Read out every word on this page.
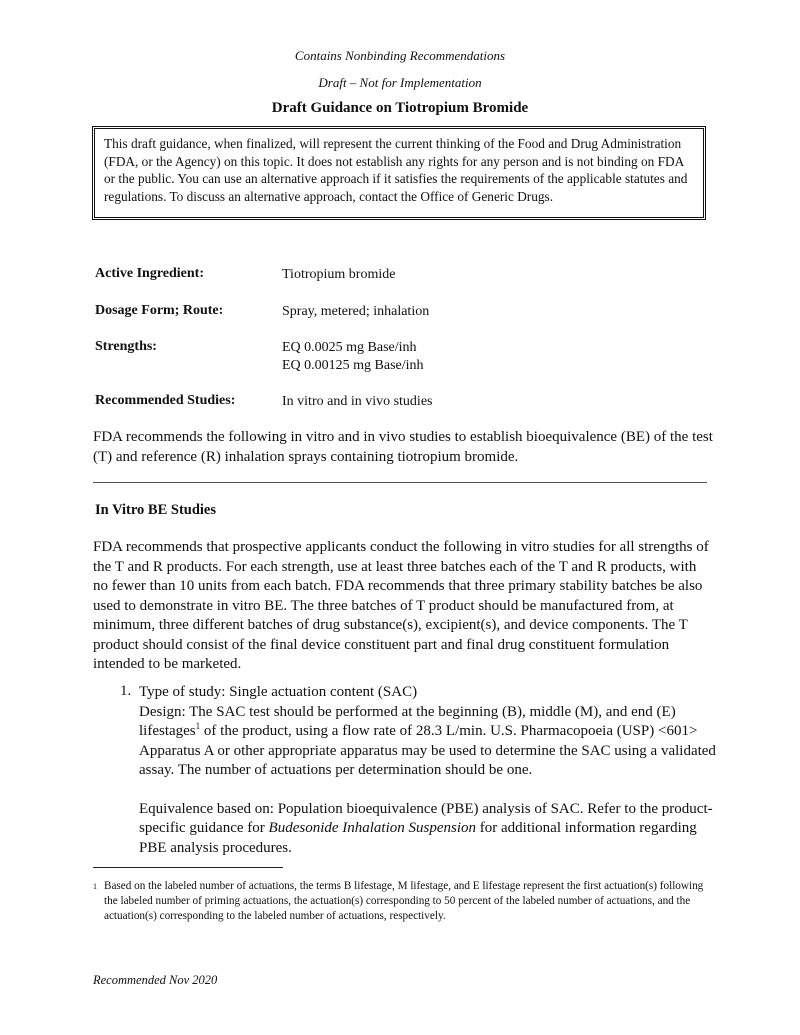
Contains Nonbinding Recommendations
Draft – Not for Implementation
Draft Guidance on Tiotropium Bromide
This draft guidance, when finalized, will represent the current thinking of the Food and Drug Administration (FDA, or the Agency) on this topic. It does not establish any rights for any person and is not binding on FDA or the public. You can use an alternative approach if it satisfies the requirements of the applicable statutes and regulations. To discuss an alternative approach, contact the Office of Generic Drugs.
Active Ingredient:	Tiotropium bromide
Dosage Form; Route:	Spray, metered; inhalation
Strengths:	EQ 0.0025 mg Base/inh
EQ 0.00125 mg Base/inh
Recommended Studies:	In vitro and in vivo studies
FDA recommends the following in vitro and in vivo studies to establish bioequivalence (BE) of the test (T) and reference (R) inhalation sprays containing tiotropium bromide.
In Vitro BE Studies
FDA recommends that prospective applicants conduct the following in vitro studies for all strengths of the T and R products. For each strength, use at least three batches each of the T and R products, with no fewer than 10 units from each batch. FDA recommends that three primary stability batches be also used to demonstrate in vitro BE. The three batches of T product should be manufactured from, at minimum, three different batches of drug substance(s), excipient(s), and device components. The T product should consist of the final device constituent part and final drug constituent formulation intended to be marketed.
1. Type of study: Single actuation content (SAC)
Design: The SAC test should be performed at the beginning (B), middle (M), and end (E) lifestages$^1$ of the product, using a flow rate of 28.3 L/min. U.S. Pharmacopoeia (USP) <601> Apparatus A or other appropriate apparatus may be used to determine the SAC using a validated assay. The number of actuations per determination should be one.
Equivalence based on: Population bioequivalence (PBE) analysis of SAC. Refer to the product-specific guidance for Budesonide Inhalation Suspension for additional information regarding PBE analysis procedures.
1 Based on the labeled number of actuations, the terms B lifestage, M lifestage, and E lifestage represent the first actuation(s) following the labeled number of priming actuations, the actuation(s) corresponding to 50 percent of the labeled number of actuations, and the actuation(s) corresponding to the labeled number of actuations, respectively.
Recommended Nov 2020
